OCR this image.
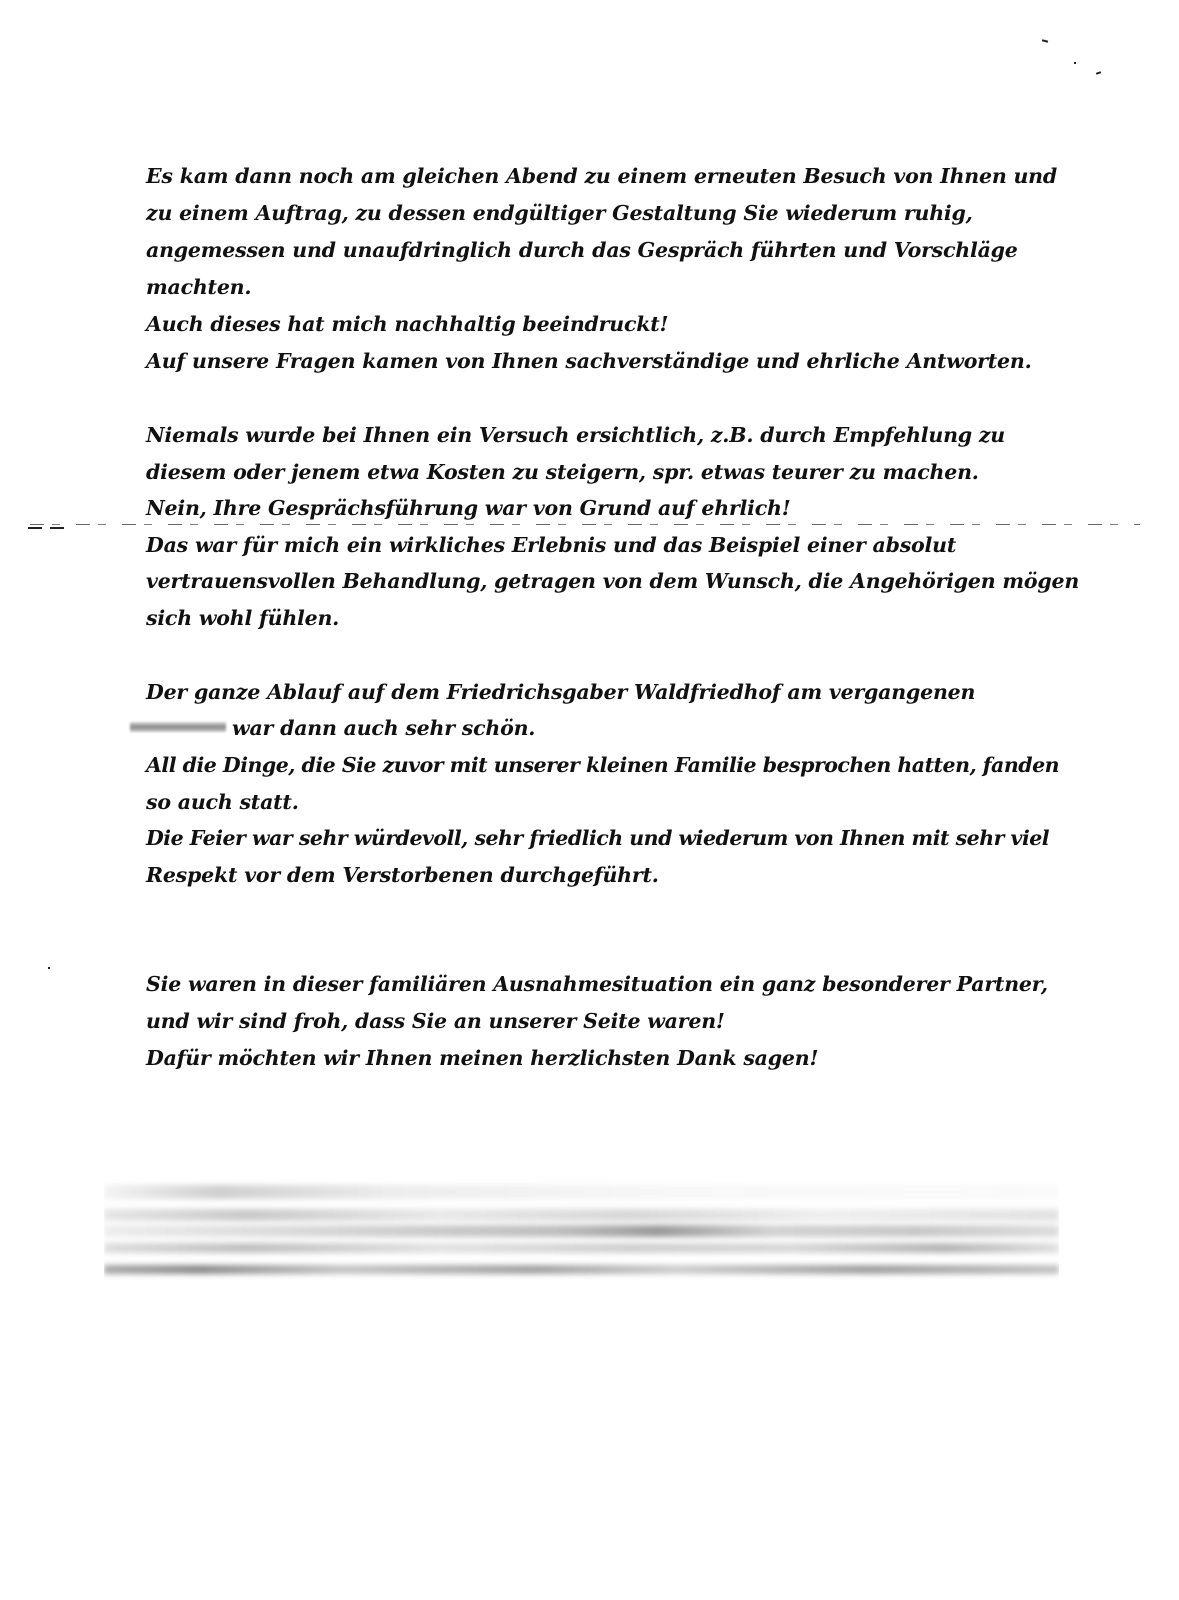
Es kam dann noch am gleichen Abend zu einem erneuten Besuch von Ihnen und

zu einem Auftrag, zu dessen endgültiger Gestaltung Sie wiederum ruhig,

angemessen und unaufdringlich durch das Gespräch führten und Vorschläge

machten.

Auch dieses hat mich nachhaltig beeindruckt!

Auf unsere Fragen kamen von Ihnen sachverständige und ehrliche Antworten.

Niemals wurde bei Ihnen ein Versuch ersichtlich, z.B. durch Empfehlung zu

diesem oder jenem etwa Kosten zu steigern, spr. etwas teurer zu machen.

Nein, Ihre Gesprächsführung war von Grund auf ehrlich!

Das war für mich ein wirkliches Erlebnis und das Beispiel einer absolut

vertrauensvollen Behandlung, getragen von dem Wunsch, die Angehörigen mögen

sich wohl fühlen.

Der ganze Ablauf auf dem Friedrichsgaber Waldfriedhof am vergangenen

war dann auch sehr schön.

All die Dinge, die Sie zuvor mit unserer kleinen Familie besprochen hatten, fanden

so auch statt.

Die Feier war sehr würdevoll, sehr friedlich und wiederum von Ihnen mit sehr viel

Respekt vor dem Verstorbenen durchgeführt.

Sie waren in dieser familiären Ausnahmesituation ein ganz besonderer Partner,

und wir sind froh, dass Sie an unserer Seite waren!

Dafür möchten wir Ihnen meinen herzlichsten Dank sagen!
